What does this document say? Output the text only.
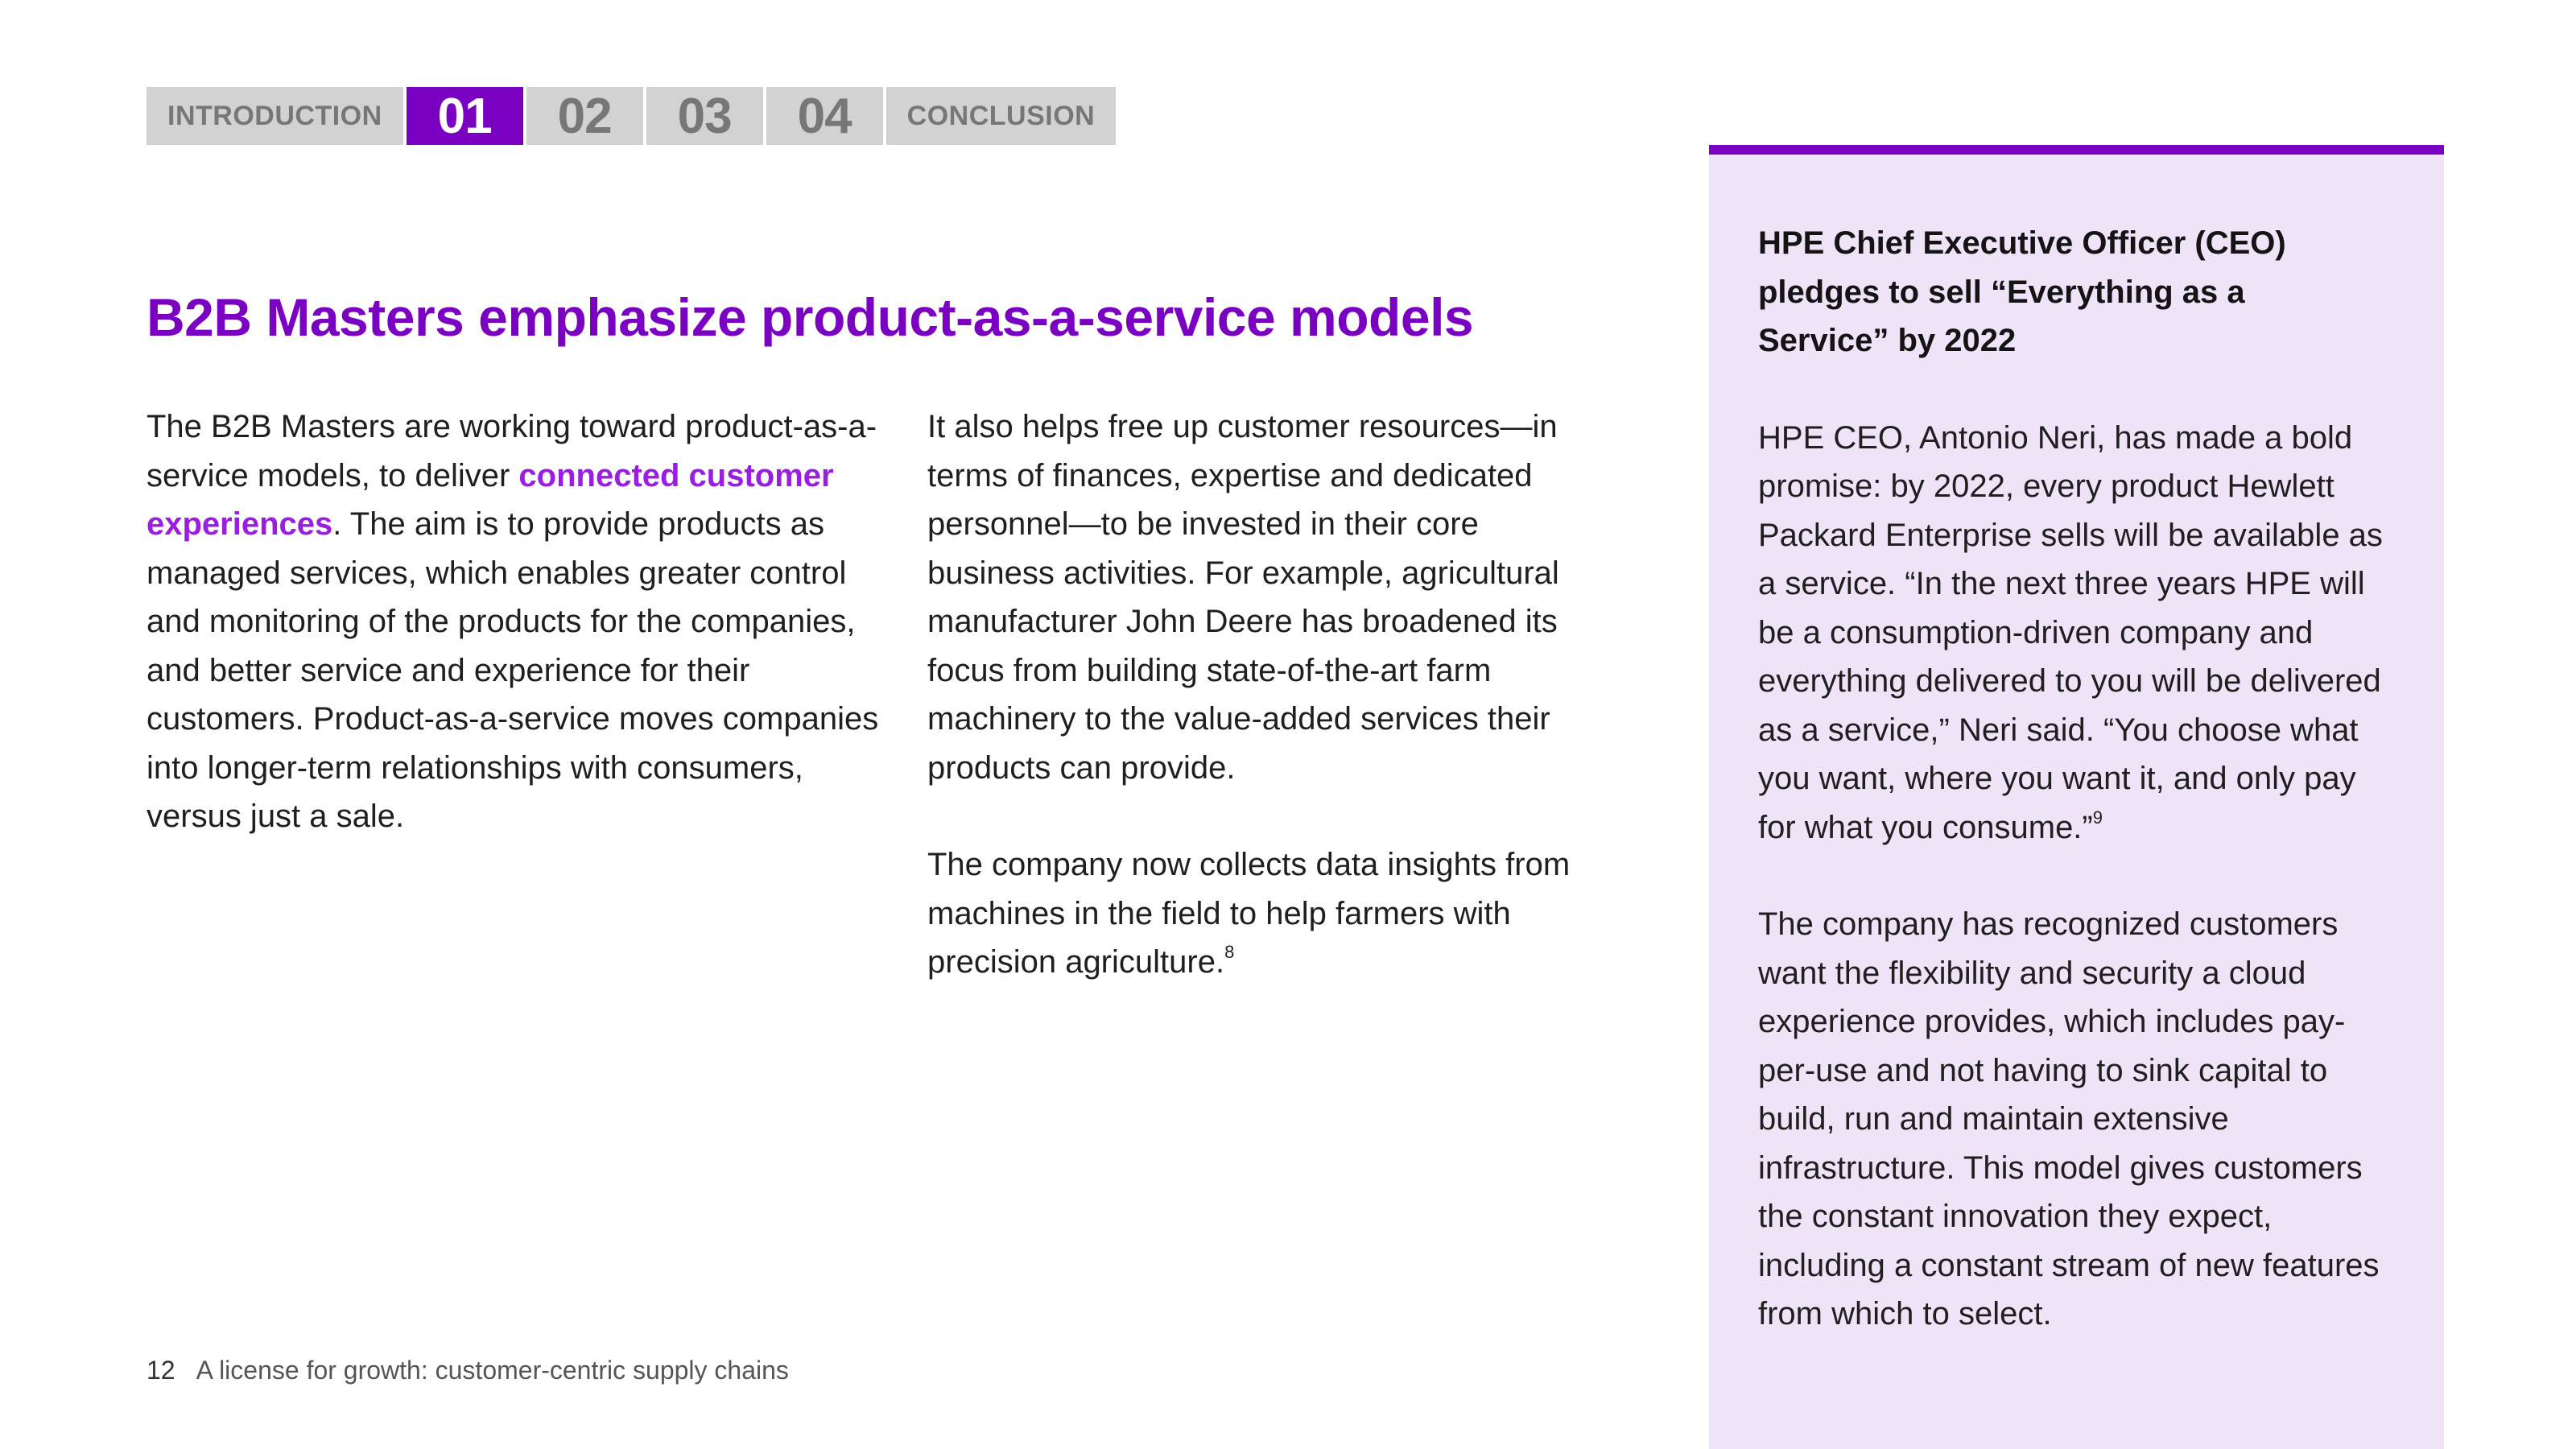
INTRODUCTION	01	02	03	04	CONCLUSION
B2B Masters emphasize product-as-a-service models

The B2B Masters are working toward product-as-a-service models, to deliver connected customer experiences. The aim is to provide products as managed services, which enables greater control and monitoring of the products for the companies, and better service and experience for their customers. Product-as-a-service moves companies into longer-term relationships with consumers, versus just a sale.

It also helps free up customer resources—in terms of finances, expertise and dedicated personnel—to be invested in their core business activities. For example, agricultural manufacturer John Deere has broadened its focus from building state-of-the-art farm machinery to the value-added services their products can provide.

The company now collects data insights from machines in the field to help farmers with precision agriculture.$^8$

HPE Chief Executive Officer (CEO) pledges to sell “Everything as a Service” by 2022

HPE CEO, Antonio Neri, has made a bold promise: by 2022, every product Hewlett Packard Enterprise sells will be available as a service. “In the next three years HPE will be a consumption-driven company and everything delivered to you will be delivered as a service,” Neri said. “You choose what you want, where you want it, and only pay for what you consume.”$^9$

The company has recognized customers want the flexibility and security a cloud experience provides, which includes pay-per-use and not having to sink capital to build, run and maintain extensive infrastructure. This model gives customers the constant innovation they expect, including a constant stream of new features from which to select.

12 A license for growth: customer-centric supply chains
